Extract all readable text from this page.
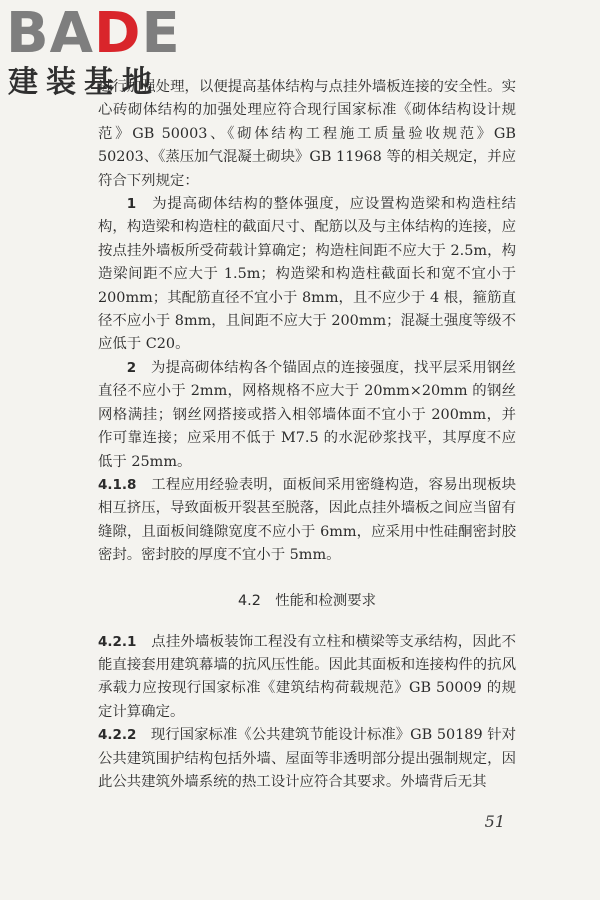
BADE
建装基地

进行加强处理，以便提高基体结构与点挂外墙板连接的安全性。实心砖砌体结构的加强处理应符合现行国家标准《砌体结构设计规范》GB 50003、《砌体结构工程施工质量验收规范》GB 50203、《蒸压加气混凝土砌块》GB 11968 等的相关规定，并应符合下列规定：

1　 为提高砌体结构的整体强度，应设置构造梁和构造柱结构，构造梁和构造柱的截面尺寸、配筋以及与主体结构的连接，应按点挂外墙板所受荷载计算确定；构造柱间距不应大于 2.5m，构造梁间距不应大于 1.5m；构造梁和构造柱截面长和宽不宜小于 200mm；其配筋直径不宜小于 8mm，且不应少于 4 根，箍筋直径不应小于 8mm，且间距不应大于 200mm；混凝土强度等级不应低于 C20。

2　 为提高砌体结构各个锚固点的连接强度，找平层采用钢丝直径不应小于 2mm，网格规格不应大于 20mm×20mm 的钢丝网格满挂；钢丝网搭接或搭入相邻墙体面不宜小于 200mm，并作可靠连接；应采用不低于 M7.5 的水泥砂浆找平，其厚度不应低于 25mm。

4.1.8　 工程应用经验表明，面板间采用密缝构造，容易出现板块相互挤压，导致面板开裂甚至脱落，因此点挂外墙板之间应当留有缝隙，且面板间缝隙宽度不应小于 6mm，应采用中性硅酮密封胶密封。密封胶的厚度不宜小于 5mm。

4.2　性能和检测要求

4.2.1　 点挂外墙板装饰工程没有立柱和横梁等支承结构，因此不能直接套用建筑幕墙的抗风压性能。因此其面板和连接构件的抗风承载力应按现行国家标准《建筑结构荷载规范》GB 50009 的规定计算确定。

4.2.2　 现行国家标准《公共建筑节能设计标准》GB 50189 针对公共建筑围护结构包括外墙、屋面等非透明部分提出强制规定，因此公共建筑外墙系统的热工设计应符合其要求。外墙背后无其

51
